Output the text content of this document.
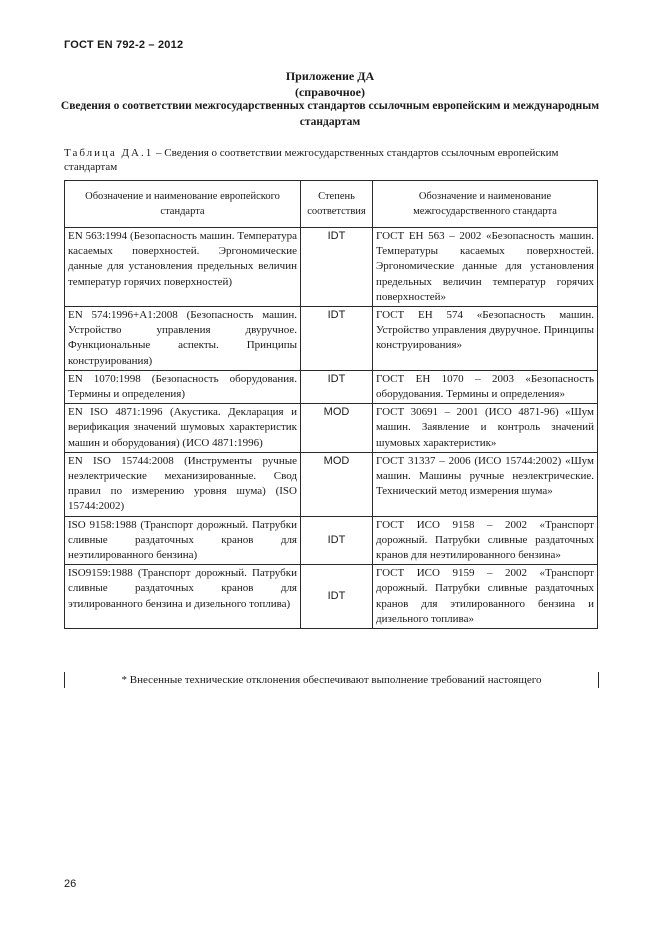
ГОСТ EN 792-2 – 2012
Приложение ДА
(справочное)
Сведения о соответствии межгосударственных стандартов ссылочным европейским и международным стандартам
Таблица ДА.1 – Сведения о соответствии межгосударственных стандартов ссылочным европейским стандартам
Обозначение и наименование европейского стандарта	Степень соответствия	Обозначение и наименование межгосударственного стандарта
EN 563:1994 (Безопасность машин. Температура касаемых поверхностей. Эргономические данные для установления предельных величин температур горячих поверхностей)	IDT	ГОСТ ЕН 563 – 2002 «Безопасность машин. Температуры касаемых поверхностей. Эргономические данные для установления предельных величин температур горячих поверхностей»
EN 574:1996+A1:2008 (Безопасность машин. Устройство управления двуручное. Функциональные аспекты. Принципы конструирования)	IDT	ГОСТ ЕН 574 «Безопасность машин. Устройство управления двуручное. Принципы конструирования»
EN 1070:1998 (Безопасность оборудования. Термины и определения)	IDT	ГОСТ ЕН 1070 – 2003 «Безопасность оборудования. Термины и определения»
EN ISO 4871:1996 (Акустика. Декларация и верификация значений шумовых характеристик машин и оборудования) (ИСО 4871:1996)	MOD	ГОСТ 30691 – 2001 (ИСО 4871-96) «Шум машин. Заявление и контроль значений шумовых характеристик»
EN ISO 15744:2008 (Инструменты ручные неэлектрические механизированные. Свод правил по измерению уровня шума) (ISO 15744:2002)	MOD	ГОСТ 31337 – 2006 (ИСО 15744:2002) «Шум машин. Машины ручные неэлектрические. Технический метод измерения шума»
ISO 9158:1988 (Транспорт дорожный. Патрубки сливные раздаточных кранов для неэтилированного бензина)	IDT	ГОСТ ИСО 9158 – 2002 «Транспорт дорожный. Патрубки сливные раздаточных кранов для неэтилированного бензина»
ISO9159:1988 (Транспорт дорожный. Патрубки сливные раздаточных кранов для этилированного бензина и дизельного топлива)	IDT	ГОСТ ИСО 9159 – 2002 «Транспорт дорожный. Патрубки сливные раздаточных кранов для этилированного бензина и дизельного топлива»
* Внесенные технические отклонения обеспечивают выполнение требований настоящего
26
